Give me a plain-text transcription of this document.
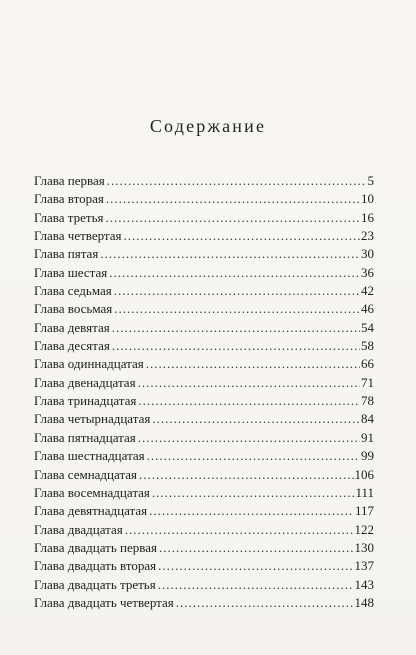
Содержание
Глава первая .....	5
Глава вторая .....	10
Глава третья .....	16
Глава четвертая .....	23
Глава пятая .....	30
Глава шестая .....	36
Глава седьмая .....	42
Глава восьмая .....	46
Глава девятая .....	54
Глава десятая .....	58
Глава одиннадцатая .....	66
Глава двенадцатая .....	71
Глава тринадцатая .....	78
Глава четырнадцатая .....	84
Глава пятнадцатая .....	91
Глава шестнадцатая .....	99
Глава семнадцатая .....	106
Глава восемнадцатая .....	111
Глава девятнадцатая .....	117
Глава двадцатая .....	122
Глава двадцать первая .....	130
Глава двадцать вторая .....	137
Глава двадцать третья .....	143
Глава двадцать четвертая .....	148
